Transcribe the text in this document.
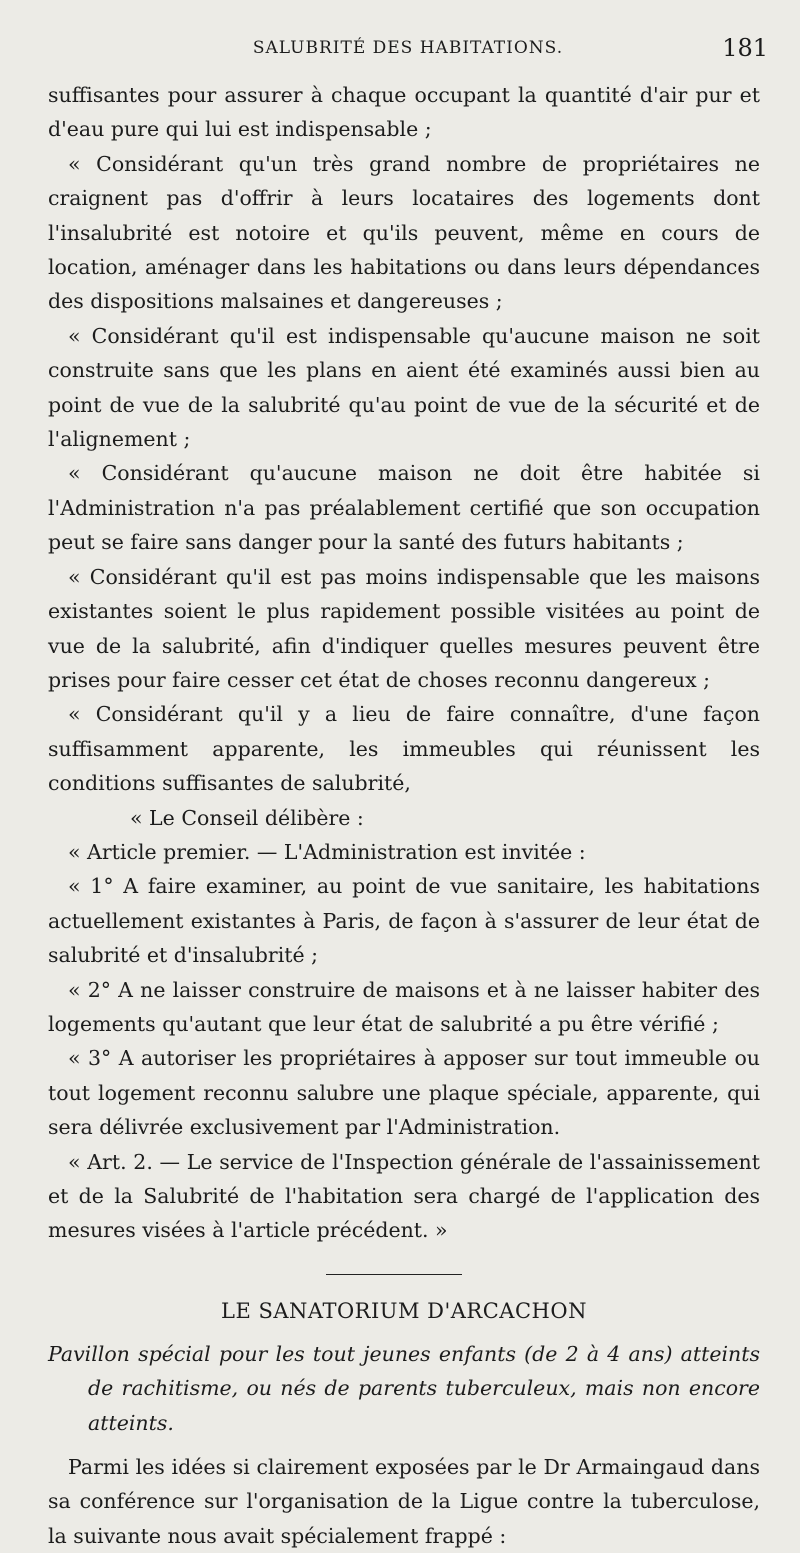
SALUBRITÉ DES HABITATIONS.	181

suffisantes pour assurer à chaque occupant la quantité d'air pur et d'eau pure qui lui est indispensable ;

« Considérant qu'un très grand nombre de propriétaires ne craignent pas d'offrir à leurs locataires des logements dont l'insalubrité est notoire et qu'ils peuvent, même en cours de location, aménager dans les habitations ou dans leurs dépendances des dispositions malsaines et dangereuses ;

« Considérant qu'il est indispensable qu'aucune maison ne soit construite sans que les plans en aient été examinés aussi bien au point de vue de la salubrité qu'au point de vue de la sécurité et de l'alignement ;

« Considérant qu'aucune maison ne doit être habitée si l'Administration n'a pas préalablement certifié que son occupation peut se faire sans danger pour la santé des futurs habitants ;

« Considérant qu'il est pas moins indispensable que les maisons existantes soient le plus rapidement possible visitées au point de vue de la salubrité, afin d'indiquer quelles mesures peuvent être prises pour faire cesser cet état de choses reconnu dangereux ;

« Considérant qu'il y a lieu de faire connaître, d'une façon suffisamment apparente, les immeubles qui réunissent les conditions suffisantes de salubrité,

« Le Conseil délibère :

« Article premier. — L'Administration est invitée :

« 1° A faire examiner, au point de vue sanitaire, les habitations actuellement existantes à Paris, de façon à s'assurer de leur état de salubrité et d'insalubrité ;

« 2° A ne laisser construire de maisons et à ne laisser habiter des logements qu'autant que leur état de salubrité a pu être vérifié ;

« 3° A autoriser les propriétaires à apposer sur tout immeuble ou tout logement reconnu salubre une plaque spéciale, apparente, qui sera délivrée exclusivement par l'Administration.

« Art. 2. — Le service de l'Inspection générale de l'assainissement et de la Salubrité de l'habitation sera chargé de l'application des mesures visées à l'article précédent. »

LE SANATORIUM D'ARCACHON

Pavillon spécial pour les tout jeunes enfants (de 2 à 4 ans) atteints de rachitisme, ou nés de parents tuberculeux, mais non encore atteints.

Parmi les idées si clairement exposées par le Dr Armaingaud dans sa conférence sur l'organisation de la Ligue contre la tuberculose, la suivante nous avait spécialement frappé :
